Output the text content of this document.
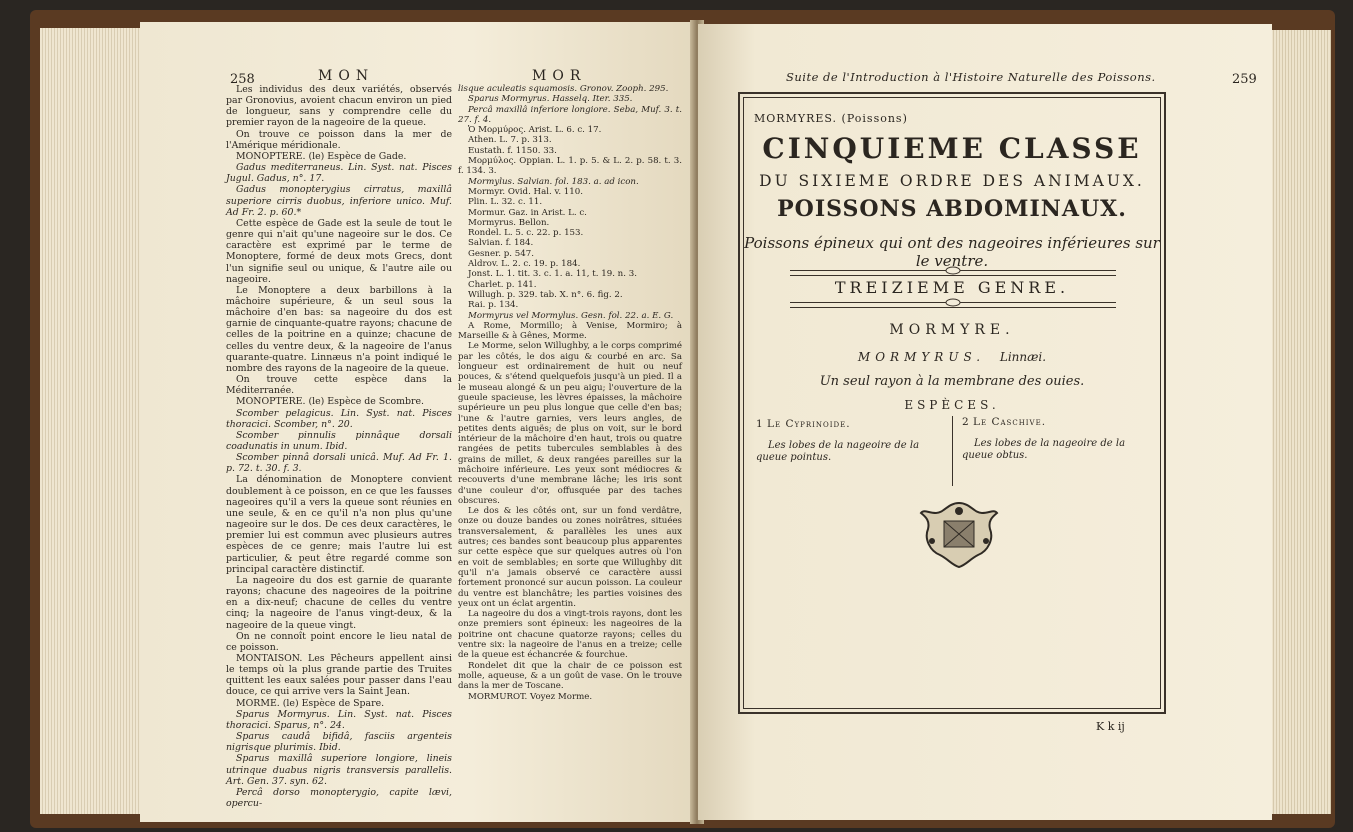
258	MON	MOR

Les individus des deux variétés, observés par Gronovius, avoient chacun environ un pied de longueur, sans y comprendre celle du premier rayon de la nageoire de la queue.

On trouve ce poisson dans la mer de l'Amérique méridionale.

MONOPTERE. (le) Espèce de Gade.

Gadus mediterraneus. Lin. Syst. nat. Pisces Jugul. Gadus, n°. 17.

Gadus monopterygius cirratus, maxillâ superiore cirris duobus, inferiore unico. Muf. Ad Fr. 2. p. 60.*

Cette espèce de Gade est la seule de tout le genre qui n'ait qu'une nageoire sur le dos. Ce caractère est exprimé par le terme de Monoptere, formé de deux mots Grecs, dont l'un signifie seul ou unique, & l'autre aile ou nageoire.

Le Monoptere a deux barbillons à la mâchoire supérieure, & un seul sous la mâchoire d'en bas: sa nageoire du dos est garnie de cinquante-quatre rayons; chacune de celles de la poitrine en a quinze; chacune de celles du ventre deux, & la nageoire de l'anus quarante-quatre. Linnæus n'a point indiqué le nombre des rayons de la nageoire de la queue.

On trouve cette espèce dans la Méditerranée.

MONOPTERE. (le) Espèce de Scombre.

Scomber pelagicus. Lin. Syst. nat. Pisces thoracici. Scomber, n°. 20.

Scomber pinnulis pinnâque dorsali coadunatis in unum. Ibid.

Scomber pinnâ dorsali unicâ. Muf. Ad Fr. 1. p. 72. t. 30. f. 3.

La dénomination de Monoptere convient doublement à ce poisson, en ce que les fausses nageoires qu'il a vers la queue sont réunies en une seule, & en ce qu'il n'a non plus qu'une nageoire sur le dos. De ces deux caractères, le premier lui est commun avec plusieurs autres espèces de ce genre; mais l'autre lui est particulier, & peut être regardé comme son principal caractère distinctif.

La nageoire du dos est garnie de quarante rayons; chacune des nageoires de la poitrine en a dix-neuf; chacune de celles du ventre cinq; la nageoire de l'anus vingt-deux, & la nageoire de la queue vingt.

On ne connoît point encore le lieu natal de ce poisson.

MONTAISON. Les Pêcheurs appellent ainsi le temps où la plus grande partie des Truites quittent les eaux salées pour passer dans l'eau douce, ce qui arrive vers la Saint Jean.

MORME. (le) Espèce de Spare.

Sparus Mormyrus. Lin. Syst. nat. Pisces thoracici. Sparus, n°. 24.

Sparus caudâ bifidâ, fasciis argenteis nigrisque plurimis. Ibid.

Sparus maxillâ superiore longiore, lineis utrinque duabus nigris transversis parallelis. Art. Gen. 37. syn. 62.

Percâ dorso monopterygio, capite lævi, opercu-

lisque aculeatis squamosis. Gronov. Zooph. 295.

Sparus Mormyrus. Hasselq. Iter. 335.

Percâ maxillâ inferiore longiore. Seba, Muf. 3. t. 27. f. 4.

Ὁ Μορμύρος. Arist. L. 6. c. 17.

Athen. L. 7. p. 313.

Eustath. f. 1150. 33.

Μορμύλος. Oppian. L. 1. p. 5. & L. 2. p. 58. t. 3. f. 134. 3.

Mormylus. Salvian. fol. 183. a. ad icon.

Mormyr. Ovid. Hal. v. 110.

Plin. L. 32. c. 11.

Mormur. Gaz. in Arist. L. c.

Mormyrus. Bellon.

Rondel. L. 5. c. 22. p. 153.

Salvian. f. 184.

Gesner. p. 547.

Aldrov. L. 2. c. 19. p. 184.

Jonst. L. 1. tit. 3. c. 1. a. 11, t. 19. n. 3.

Charlet. p. 141.

Willugh. p. 329. tab. X. n°. 6. fig. 2.

Rai. p. 134.

Mormyrus vel Mormylus. Gesn. fol. 22. a. E. G.

A Rome, Mormillo; à Venise, Mormiro; à Marseille & à Gênes, Morme.

Le Morme, selon Willughby, a le corps comprimé par les côtés, le dos aigu & courbé en arc. Sa longueur est ordinairement de huit ou neuf pouces, & s'étend quelquefois jusqu'à un pied. Il a le museau alongé & un peu aigu; l'ouverture de la gueule spacieuse, les lèvres épaisses, la mâchoire supérieure un peu plus longue que celle d'en bas; l'une & l'autre garnies, vers leurs angles, de petites dents aiguës; de plus on voit, sur le bord intérieur de la mâchoire d'en haut, trois ou quatre rangées de petits tubercules semblables à des grains de millet, & deux rangées pareilles sur la mâchoire inférieure. Les yeux sont médiocres & recouverts d'une membrane lâche; les iris sont d'une couleur d'or, offusquée par des taches obscures.

Le dos & les côtés ont, sur un fond verdâtre, onze ou douze bandes ou zones noirâtres, situées transversalement, & parallèles les unes aux autres; ces bandes sont beaucoup plus apparentes sur cette espèce que sur quelques autres où l'on en voit de semblables; en sorte que Willughby dit qu'il n'a jamais observé ce caractère aussi fortement prononcé sur aucun poisson. La couleur du ventre est blanchâtre; les parties voisines des yeux ont un éclat argentin.

La nageoire du dos a vingt-trois rayons, dont les onze premiers sont épineux: les nageoires de la poitrine ont chacune quatorze rayons; celles du ventre six: la nageoire de l'anus en a treize; celle de la queue est échancrée & fourchue.

Rondelet dit que la chair de ce poisson est molle, aqueuse, & a un goût de vase. On le trouve dans la mer de Toscane.

MORMUROT. Voyez Morme.

Suite de l'Introduction à l'Histoire Naturelle des Poissons.	259
MORMYRES. (Poissons)
CINQUIEME CLASSE
DU SIXIEME ORDRE DES ANIMAUX.
POISSONS ABDOMINAUX.
Poissons épineux qui ont des nageoires inférieures sur le ventre.
TREIZIEME GENRE.
MORMYRE.
MORMYRUS. Linnæi.
Un seul rayon à la membrane des ouies.
ESPÈCES.
1 Le Cyprinoide.
Les lobes de la nageoire de la queue pointus.
2 Le Caschive.
Les lobes de la nageoire de la queue obtus.
K k ij
